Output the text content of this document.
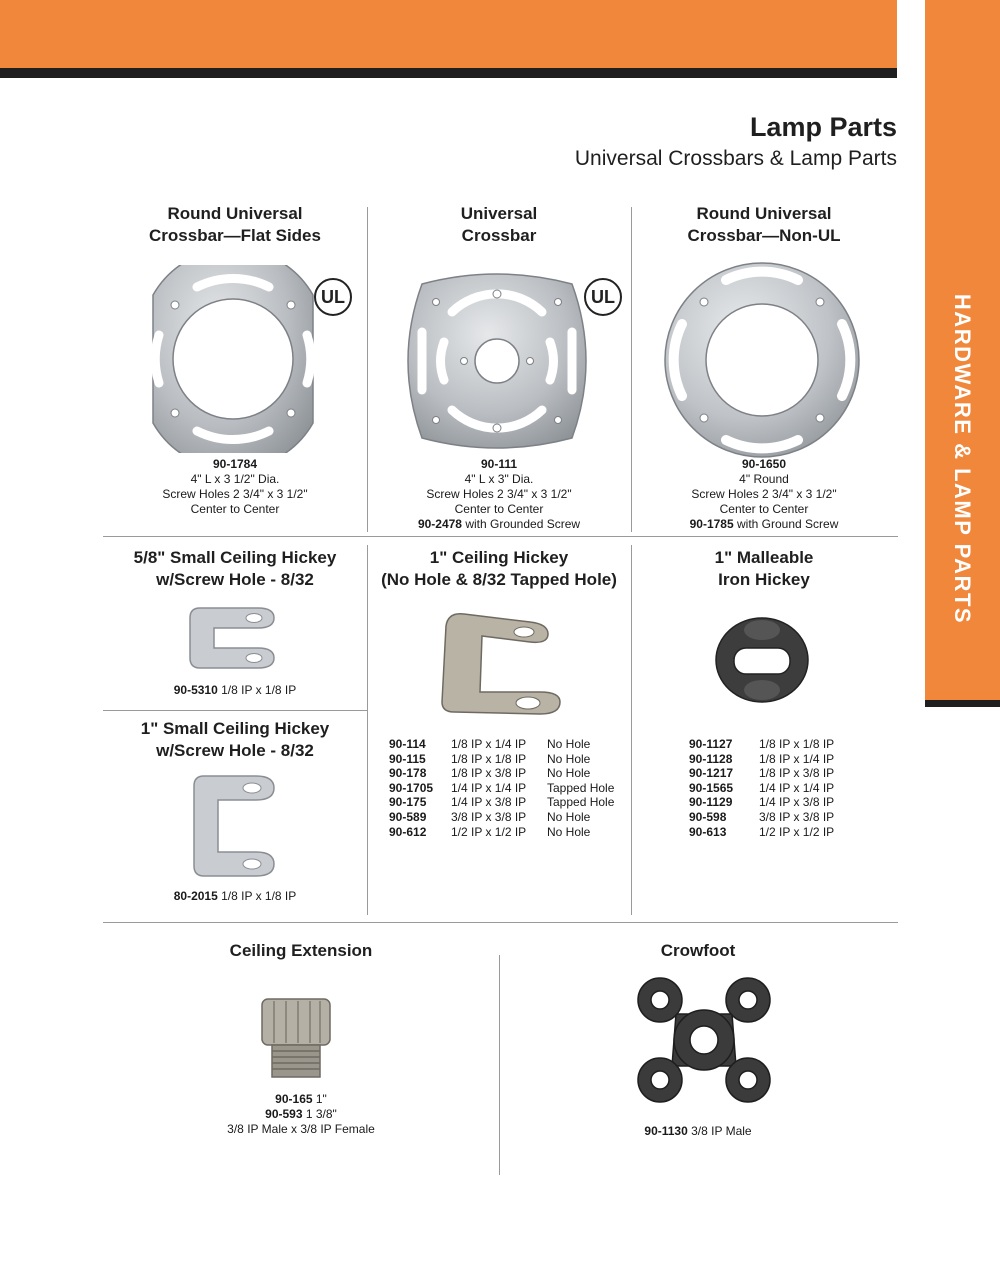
HARDWARE & LAMP PARTS
Lamp Parts
Universal Crossbars & Lamp Parts
Round Universal
Crossbar—Flat Sides
UL
90-1784
4" L x 3 1/2" Dia.
Screw Holes 2 3/4" x 3 1/2"
Center to Center
Universal
Crossbar
UL
90-111
4" L x 3" Dia.
Screw Holes 2 3/4" x 3 1/2"
Center to Center
90-2478 with Grounded Screw
Round Universal
Crossbar—Non-UL
90-1650
4" Round
Screw Holes 2 3/4" x 3 1/2"
Center to Center
90-1785 with Ground Screw
5/8" Small Ceiling Hickey
w/Screw Hole - 8/32
90-5310 1/8 IP x 1/8 IP
1" Small Ceiling Hickey
w/Screw Hole - 8/32
80-2015 1/8 IP x 1/8 IP
1" Ceiling Hickey
(No Hole & 8/32 Tapped Hole)
90-114	1/8 IP x 1/4 IP	No Hole
90-115	1/8 IP x 1/8 IP	No Hole
90-178	1/8 IP x 3/8 IP	No Hole
90-1705	1/4 IP x 1/4 IP	Tapped Hole
90-175	1/4 IP x 3/8 IP	Tapped Hole
90-589	3/8 IP x 3/8 IP	No Hole
90-612	1/2 IP x 1/2 IP	No Hole
1" Malleable
Iron Hickey
90-1127	1/8 IP x 1/8 IP
90-1128	1/8 IP x 1/4 IP
90-1217	1/8 IP x 3/8 IP
90-1565	1/4 IP x 1/4 IP
90-1129	1/4 IP x 3/8 IP
90-598	3/8 IP x 3/8 IP
90-613	1/2 IP x 1/2 IP
Ceiling Extension
90-165 1"
90-593 1 3/8"
3/8 IP Male x 3/8 IP Female
Crowfoot
90-1130 3/8 IP Male
